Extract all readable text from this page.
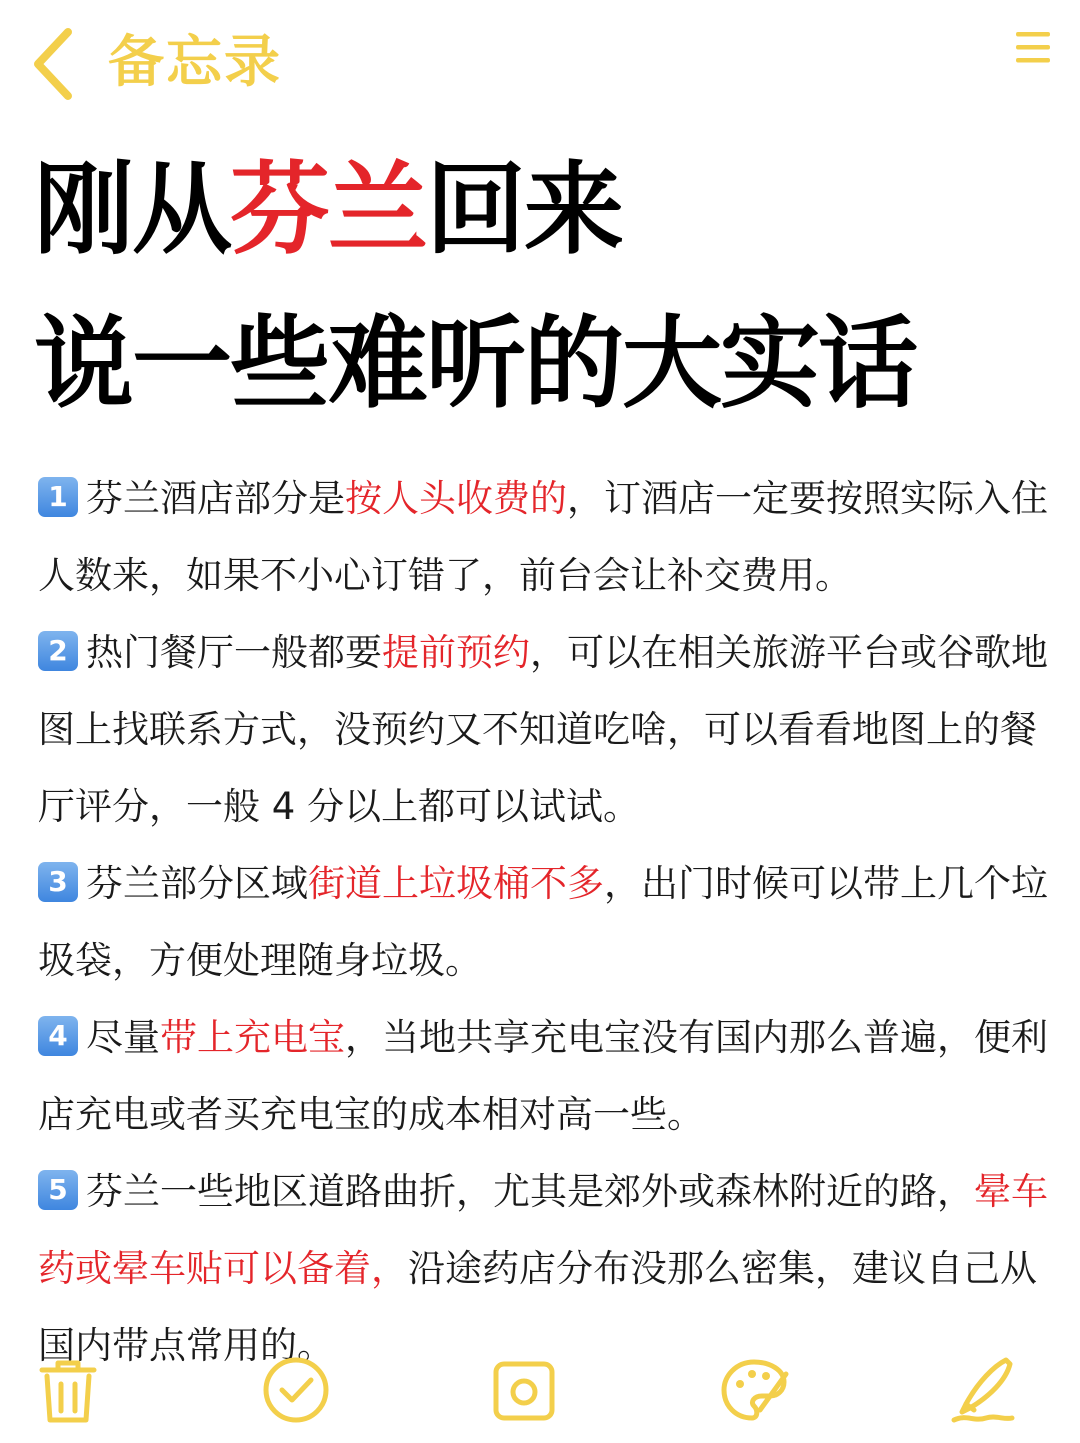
备忘录
刚从芬兰回来
说一些难听的大实话

1 芬兰酒店部分是按人头收费的，订酒店一定要按照实际入住人数来，如果不小心订错了，前台会让补交费用。

2 热门餐厅一般都要提前预约，可以在相关旅游平台或谷歌地图上找联系方式，没预约又不知道吃啥，可以看看地图上的餐厅评分，一般 4 分以上都可以试试。

3 芬兰部分区域街道上垃圾桶不多，出门时候可以带上几个垃圾袋，方便处理随身垃圾。

4 尽量带上充电宝，当地共享充电宝没有国内那么普遍，便利店充电或者买充电宝的成本相对高一些。

5 芬兰一些地区道路曲折，尤其是郊外或森林附近的路，晕车药或晕车贴可以备着，沿途药店分布没那么密集，建议自己从国内带点常用的。
